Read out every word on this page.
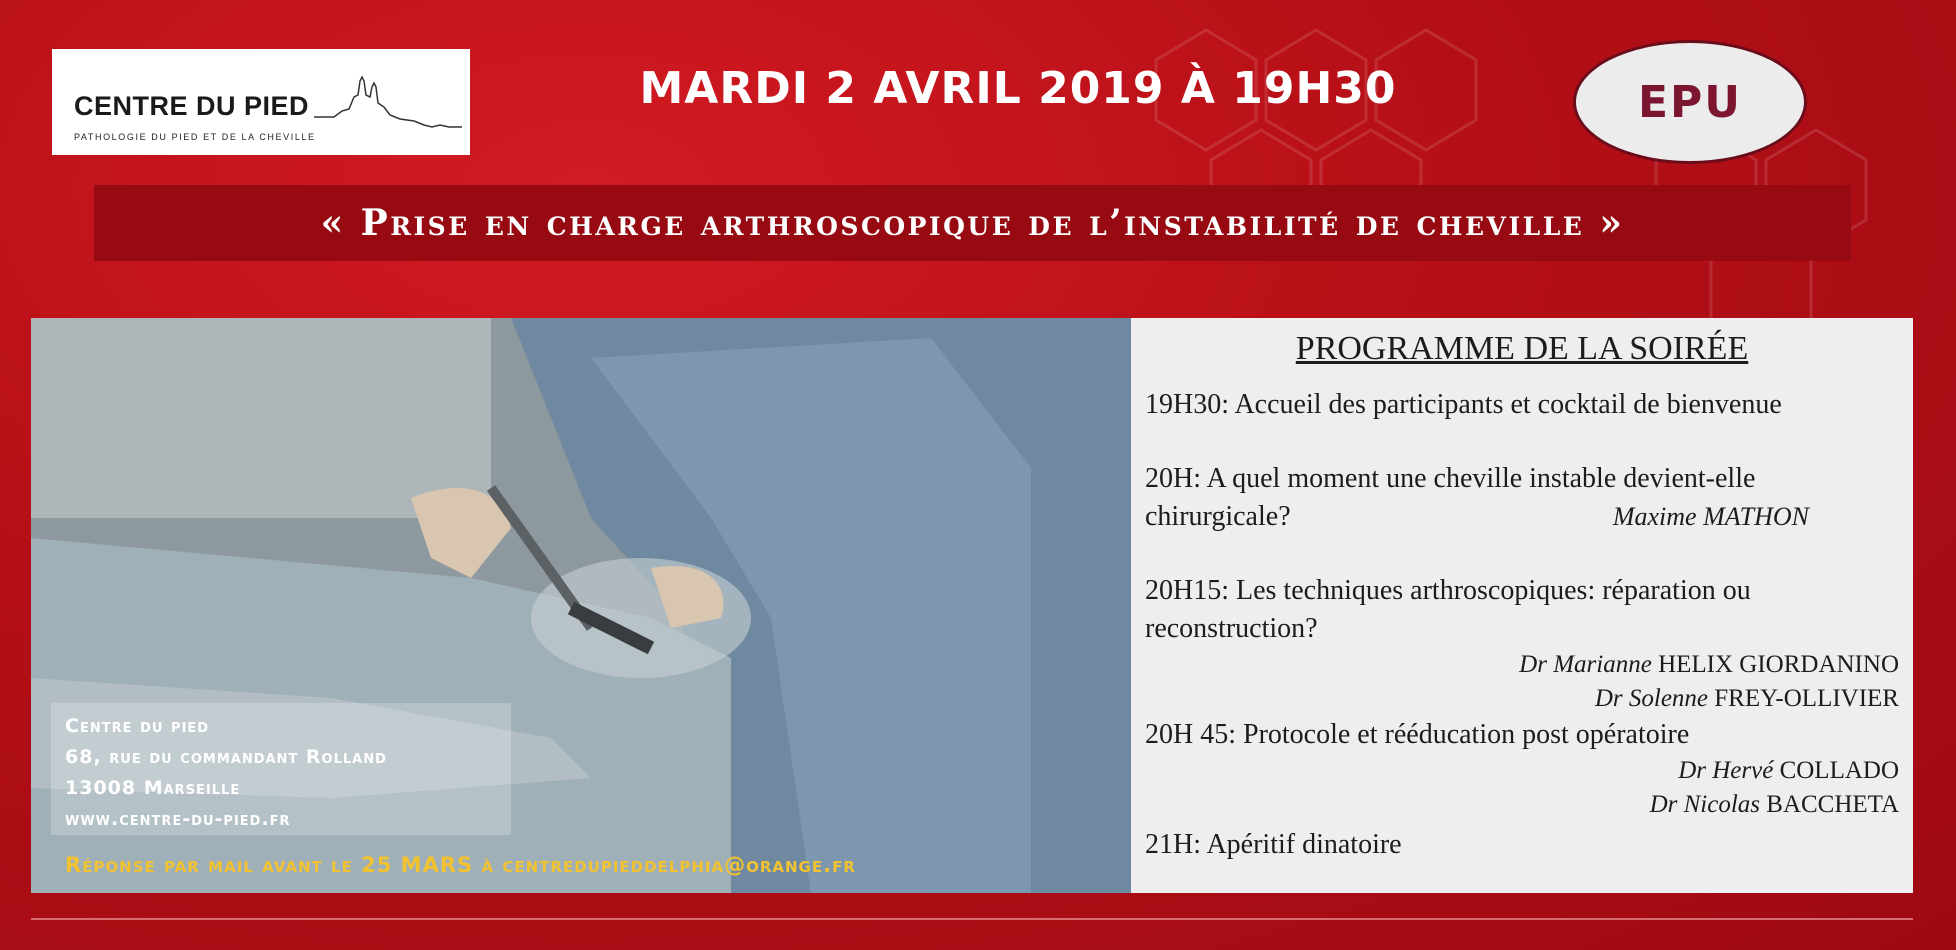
CENTRE DU PIED
PATHOLOGIE DU PIED ET DE LA CHEVILLE
MARDI 2 AVRIL 2019 À 19H30	EPU
« Prise en charge arthroscopique de l’instabilité de cheville »
Centre du pied
68, rue du commandant Rolland
13008 Marseille
www.centre-du-pied.fr
Réponse par mail avant le 25 MARS à centredupieddelphia@orange.fr
PROGRAMME DE LA SOIRÉE
19H30: Accueil des participants et cocktail de bienvenue
20H: A quel moment une cheville instable devient-elle
chirurgicale?	Maxime MATHON
20H15: Les techniques arthroscopiques: réparation ou
reconstruction?
Dr Marianne HELIX GIORDANINO
Dr Solenne FREY-OLLIVIER
20H 45: Protocole et rééducation post opératoire
Dr Hervé COLLADO
Dr Nicolas BACCHETA
21H: Apéritif dinatoire
